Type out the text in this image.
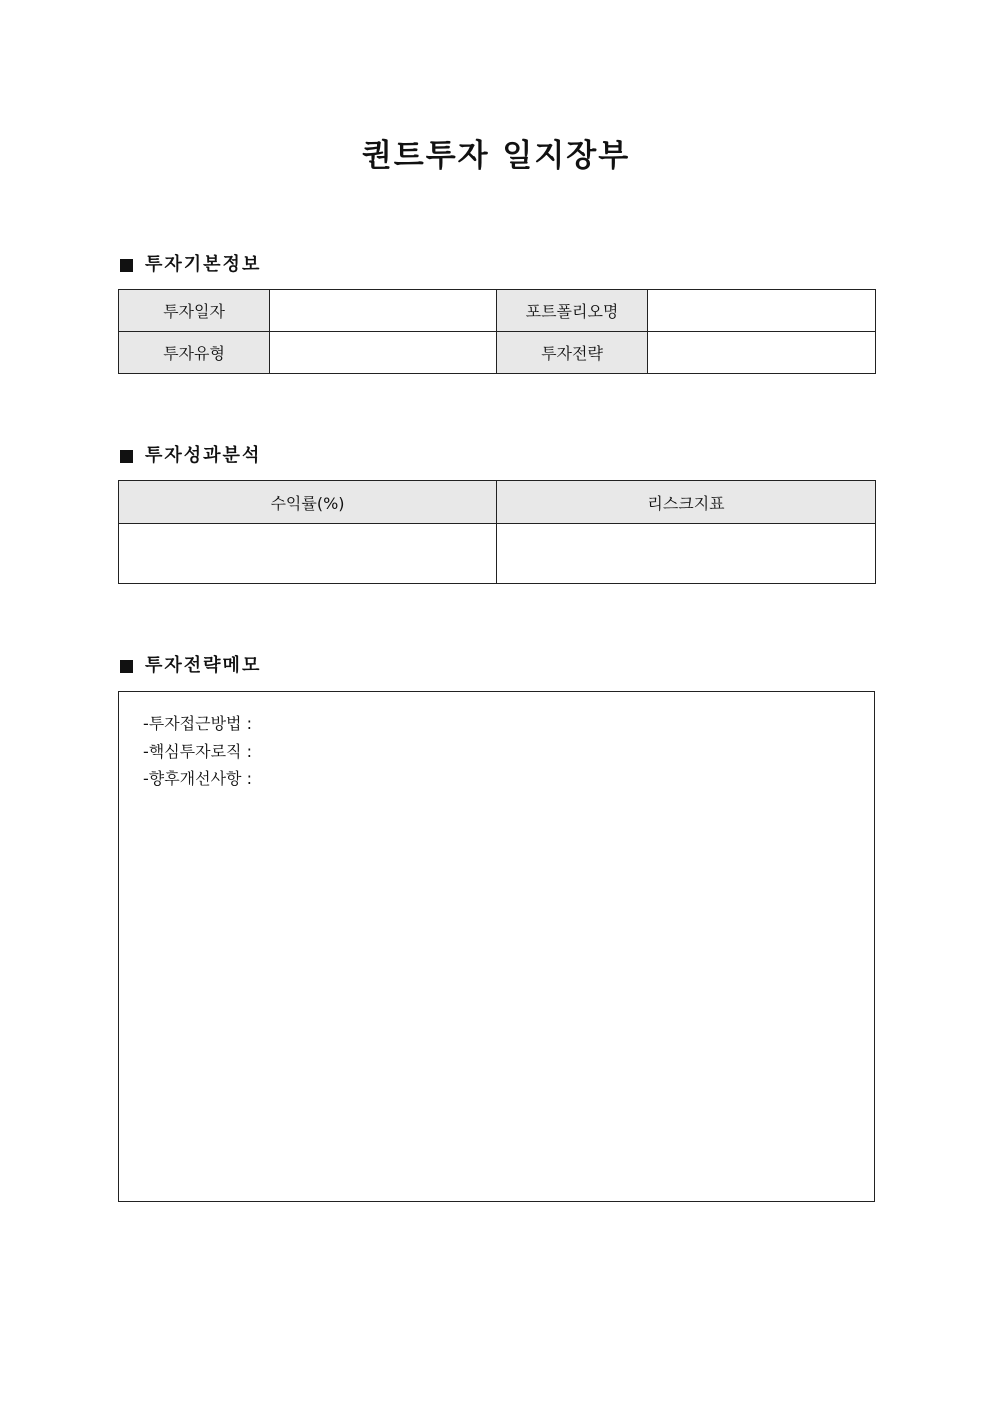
퀀트투자 일지장부
투자기본정보
투자일자		포트폴리오명	
투자유형		투자전략	
투자성과분석
수익률(%)	리스크지표

투자전략메모
-투자접근방법 :
-핵심투자로직 :
-향후개선사항 :
